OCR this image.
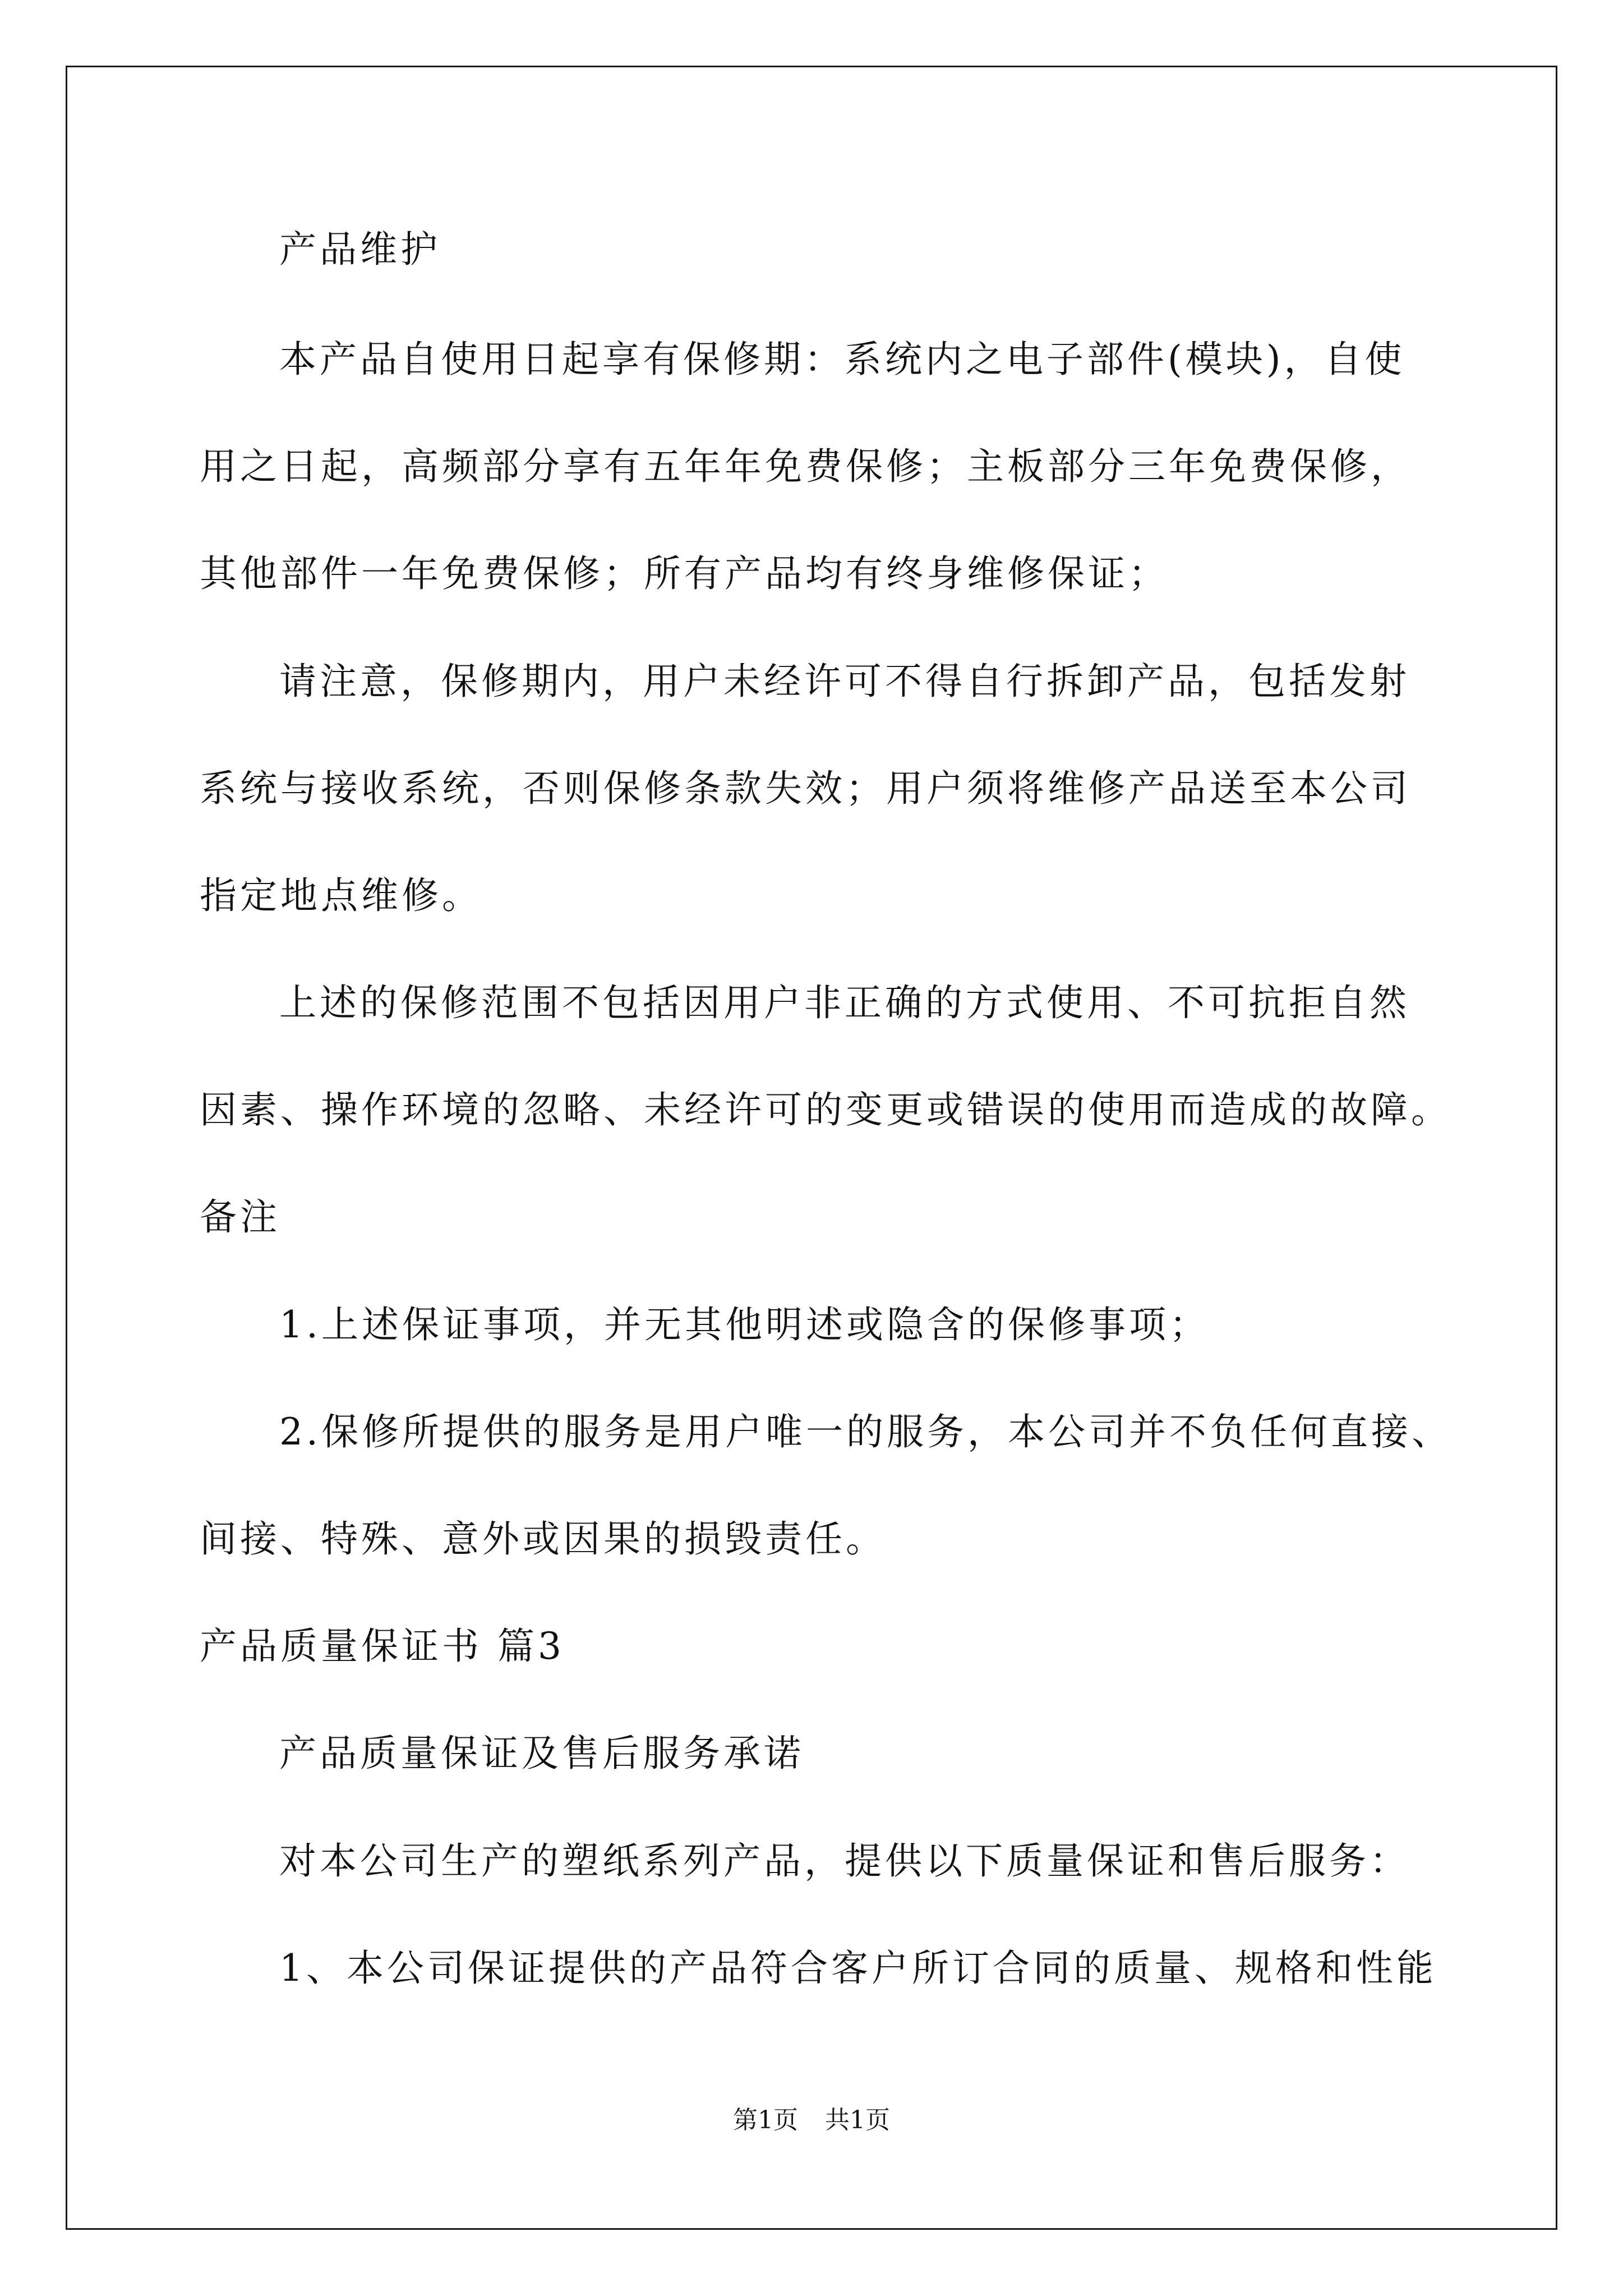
产品维护
本产品自使用日起享有保修期：系统内之电子部件(模块)，自使
用之日起，高频部分享有五年年免费保修；主板部分三年免费保修，
其他部件一年免费保修；所有产品均有终身维修保证；
请注意，保修期内，用户未经许可不得自行拆卸产品，包括发射
系统与接收系统，否则保修条款失效；用户须将维修产品送至本公司
指定地点维修。
上述的保修范围不包括因用户非正确的方式使用、不可抗拒自然
因素、操作环境的忽略、未经许可的变更或错误的使用而造成的故障。
备注
1.上述保证事项，并无其他明述或隐含的保修事项；
2.保修所提供的服务是用户唯一的服务，本公司并不负任何直接、
间接、特殊、意外或因果的损毁责任。
产品质量保证书 篇3
产品质量保证及售后服务承诺
对本公司生产的塑纸系列产品，提供以下质量保证和售后服务：
1、本公司保证提供的产品符合客户所订合同的质量、规格和性能
第1页 共1页
